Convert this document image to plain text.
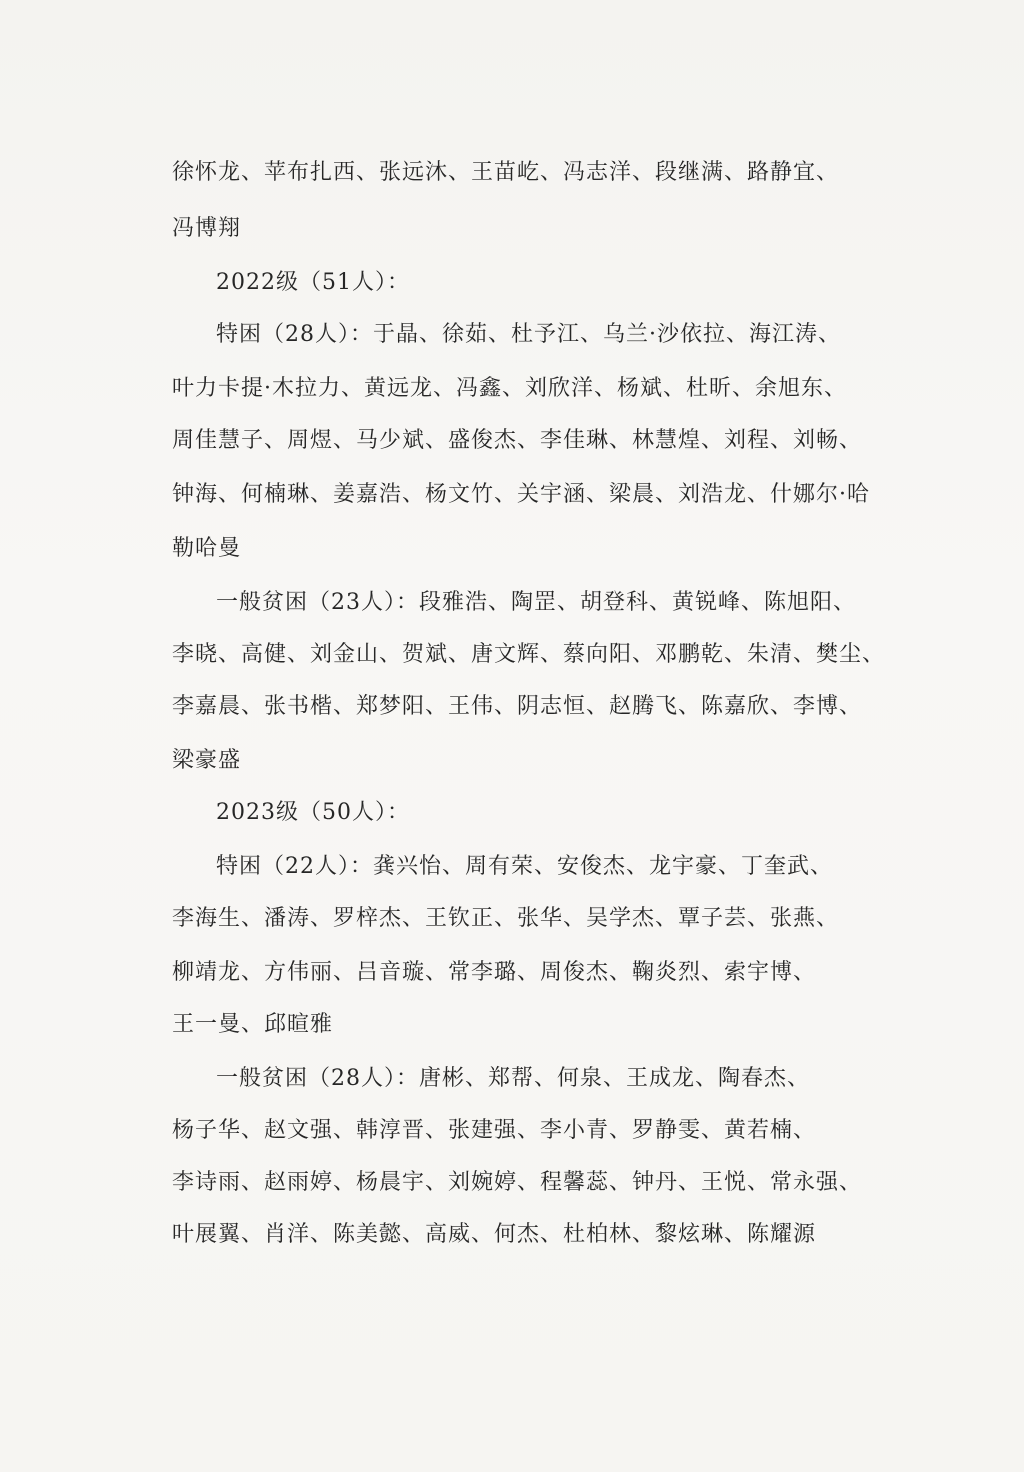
徐怀龙、苹布扎西、张远沐、王苗屹、冯志洋、段继满、路静宜、
冯博翔
2022级（51人）：
特困（28人）：于晶、徐茹、杜予江、乌兰·沙依拉、海江涛、
叶力卡提·木拉力、黄远龙、冯鑫、刘欣洋、杨斌、杜昕、余旭东、
周佳慧子、周煜、马少斌、盛俊杰、李佳琳、林慧煌、刘程、刘畅、
钟海、何楠琳、姜嘉浩、杨文竹、关宇涵、梁晨、刘浩龙、什娜尔·哈
勒哈曼
一般贫困（23人）：段雅浩、陶罡、胡登科、黄锐峰、陈旭阳、
李晓、高健、刘金山、贺斌、唐文辉、蔡向阳、邓鹏乾、朱清、樊尘、
李嘉晨、张书楷、郑梦阳、王伟、阴志恒、赵腾飞、陈嘉欣、李博、
梁豪盛
2023级（50人）：
特困（22人）：龚兴怡、周有荣、安俊杰、龙宇豪、丁奎武、
李海生、潘涛、罗梓杰、王钦正、张华、吴学杰、覃子芸、张燕、
柳靖龙、方伟丽、吕音璇、常李璐、周俊杰、鞠炎烈、索宇博、
王一曼、邱暄雅
一般贫困（28人）：唐彬、郑帮、何泉、王成龙、陶春杰、
杨子华、赵文强、韩淳晋、张建强、李小青、罗静雯、黄若楠、
李诗雨、赵雨婷、杨晨宇、刘婉婷、程馨蕊、钟丹、王悦、常永强、
叶展翼、肖洋、陈美懿、高威、何杰、杜柏林、黎炫琳、陈耀源
